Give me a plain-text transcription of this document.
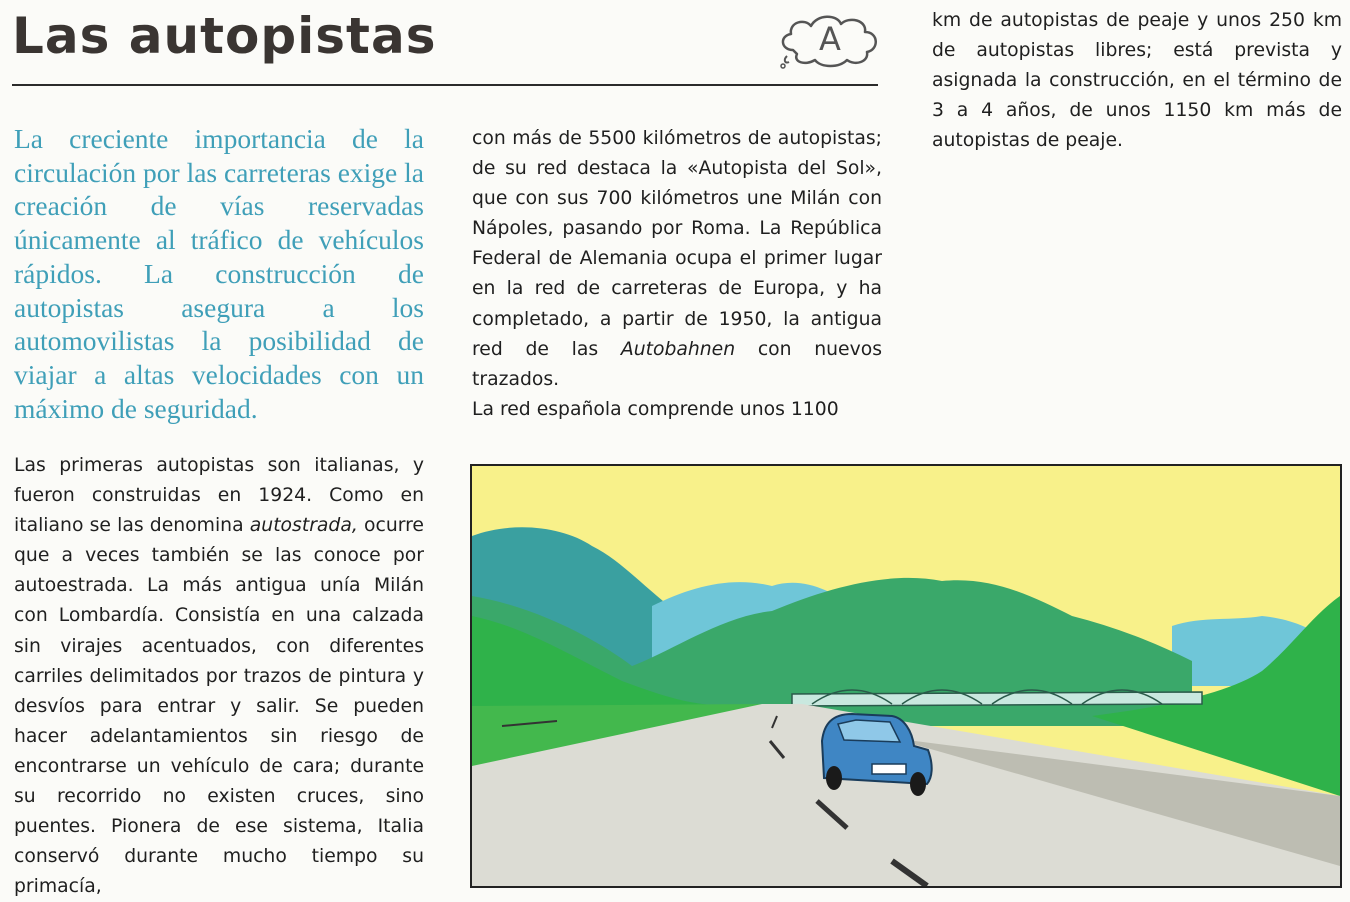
Las autopistas	A

La creciente importancia de la circulación por las carreteras exige la creación de vías reservadas únicamente al tráfico de vehículos rápidos. La construcción de autopistas asegura a los automovilistas la posibilidad de viajar a altas velocidades con un máximo de seguridad.

Las primeras autopistas son italianas, y fueron construidas en 1924. Como en italiano se las denomina autostrada, ocurre que a veces también se las conoce por autoestrada. La más antigua unía Milán con Lombardía. Consistía en una calzada sin virajes acentuados, con diferentes carriles delimitados por trazos de pintura y desvíos para entrar y salir. Se pueden hacer adelantamientos sin riesgo de encontrarse un vehículo de cara; durante su recorrido no existen cruces, sino puentes. Pionera de ese sistema, Italia conservó durante mucho tiempo su primacía,

con más de 5500 kilómetros de autopistas; de su red destaca la «Autopista del Sol», que con sus 700 kilómetros une Milán con Nápoles, pasando por Roma. La República Federal de Alemania ocupa el primer lugar en la red de carreteras de Europa, y ha completado, a partir de 1950, la antigua red de las Autobahnen con nuevos trazados.
La red española comprende unos 1100

km de autopistas de peaje y unos 250 km de autopistas libres; está prevista y asignada la construcción, en el término de 3 a 4 años, de unos 1150 km más de autopistas de peaje.
